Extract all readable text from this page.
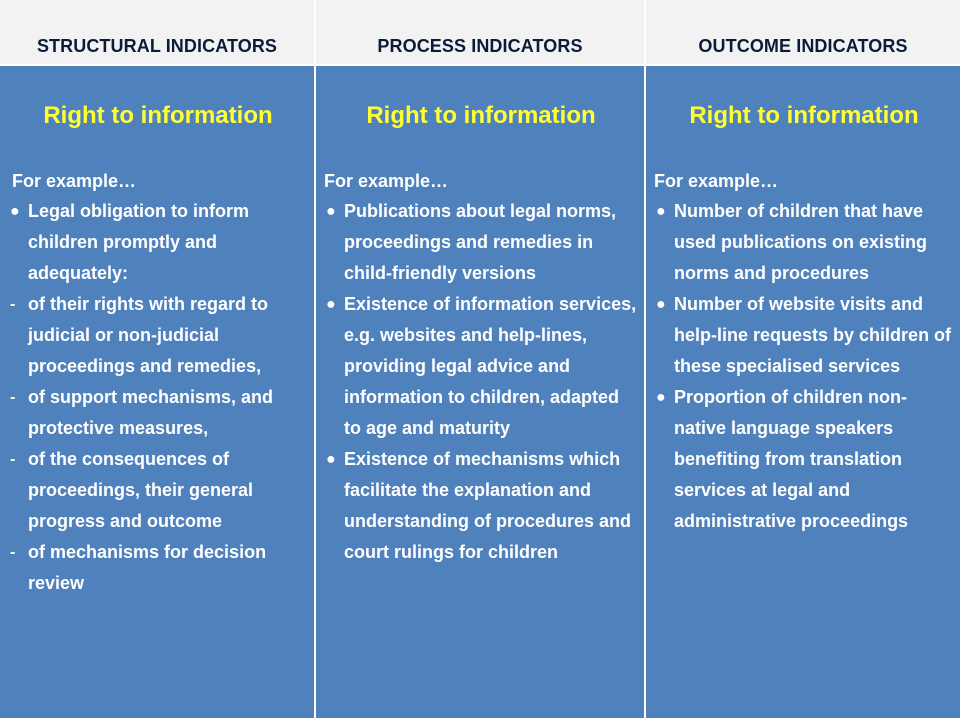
STRUCTURAL INDICATORS	PROCESS INDICATORS	OUTCOME INDICATORS
Right to information
For example…
● Legal obligation to inform children promptly and adequately:
- of their rights with regard to judicial or non-judicial proceedings and remedies,
- of support mechanisms, and protective measures,
- of the consequences of proceedings, their general progress and outcome
- of mechanisms for decision review
Right to information
For example…
● Publications about legal norms, proceedings and remedies in child-friendly versions
● Existence of information services, e.g. websites and help-lines, providing legal advice and information to children, adapted to age and maturity
● Existence of mechanisms which facilitate the explanation and understanding of procedures and court rulings for children
Right to information
For example…
● Number of children that have used publications on existing norms and procedures
● Number of website visits and help-line requests by children of these specialised services
● Proportion of children non-native language speakers benefiting from translation services at legal and administrative proceedings
